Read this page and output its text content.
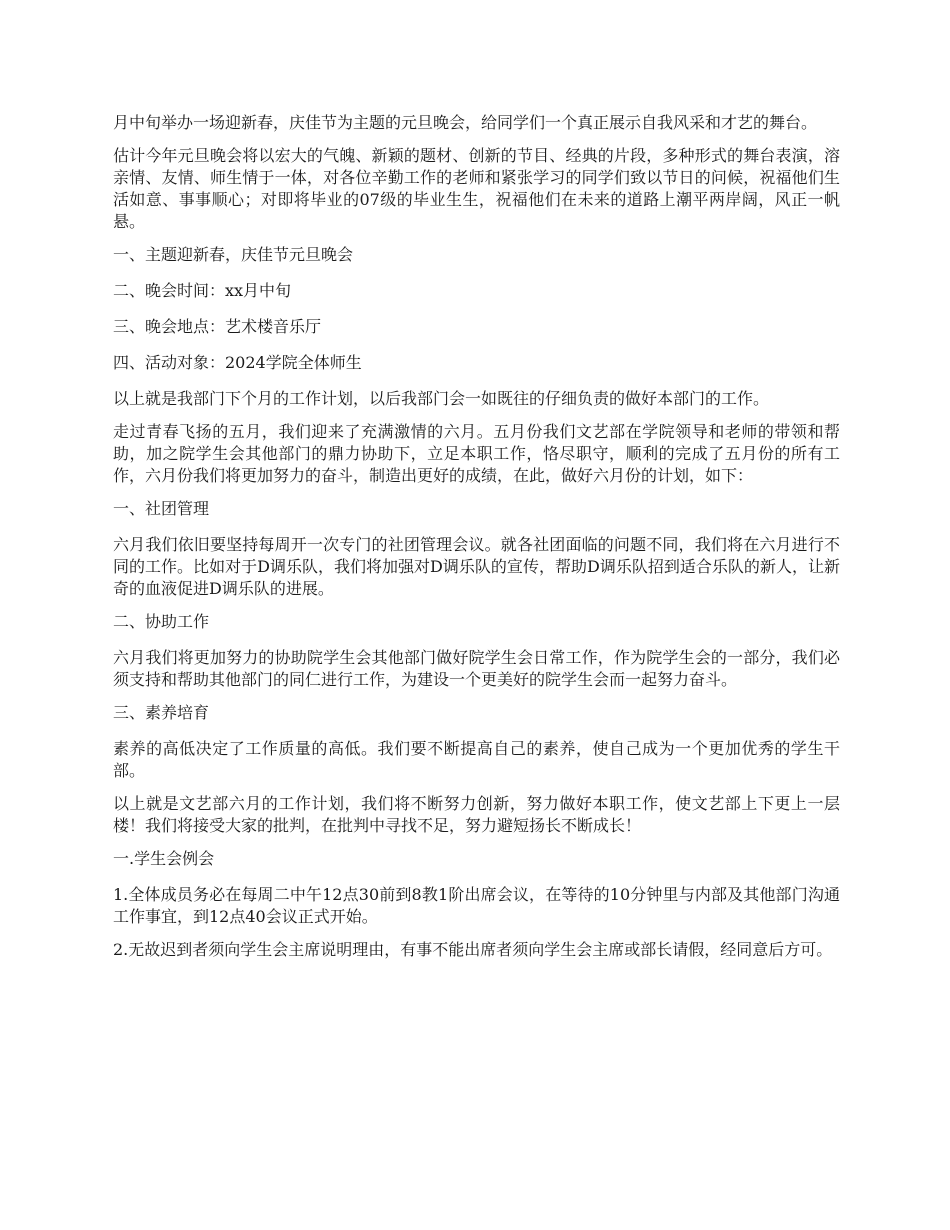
月中旬举办一场迎新春，庆佳节为主题的元旦晚会，给同学们一个真正展示自我风采和才艺的舞台。

估计今年元旦晚会将以宏大的气魄、新颖的题材、创新的节目、经典的片段，多种形式的舞台表演，溶亲情、友情、师生情于一体，对各位辛勤工作的老师和紧张学习的同学们致以节日的问候，祝福他们生活如意、事事顺心；对即将毕业的07级的毕业生生，祝福他们在未来的道路上潮平两岸阔，风正一帆悬。

一、主题迎新春，庆佳节元旦晚会

二、晚会时间：xx月中旬

三、晚会地点：艺术楼音乐厅

四、活动对象：2024学院全体师生

以上就是我部门下个月的工作计划，以后我部门会一如既往的仔细负责的做好本部门的工作。

走过青春飞扬的五月，我们迎来了充满激情的六月。五月份我们文艺部在学院领导和老师的带领和帮助，加之院学生会其他部门的鼎力协助下，立足本职工作，恪尽职守，顺利的完成了五月份的所有工作，六月份我们将更加努力的奋斗，制造出更好的成绩，在此，做好六月份的计划，如下：

一、社团管理

六月我们依旧要坚持每周开一次专门的社团管理会议。就各社团面临的问题不同，我们将在六月进行不同的工作。比如对于D调乐队，我们将加强对D调乐队的宣传，帮助D调乐队招到适合乐队的新人，让新奇的血液促进D调乐队的进展。

二、协助工作

六月我们将更加努力的协助院学生会其他部门做好院学生会日常工作，作为院学生会的一部分，我们必须支持和帮助其他部门的同仁进行工作，为建设一个更美好的院学生会而一起努力奋斗。

三、素养培育

素养的高低决定了工作质量的高低。我们要不断提高自己的素养，使自己成为一个更加优秀的学生干部。

以上就是文艺部六月的工作计划，我们将不断努力创新，努力做好本职工作，使文艺部上下更上一层楼！我们将接受大家的批判，在批判中寻找不足，努力避短扬长不断成长！

一.学生会例会

1.全体成员务必在每周二中午12点30前到8教1阶出席会议，在等待的10分钟里与内部及其他部门沟通工作事宜，到12点40会议正式开始。

2.无故迟到者须向学生会主席说明理由，有事不能出席者须向学生会主席或部长请假，经同意后方可。
